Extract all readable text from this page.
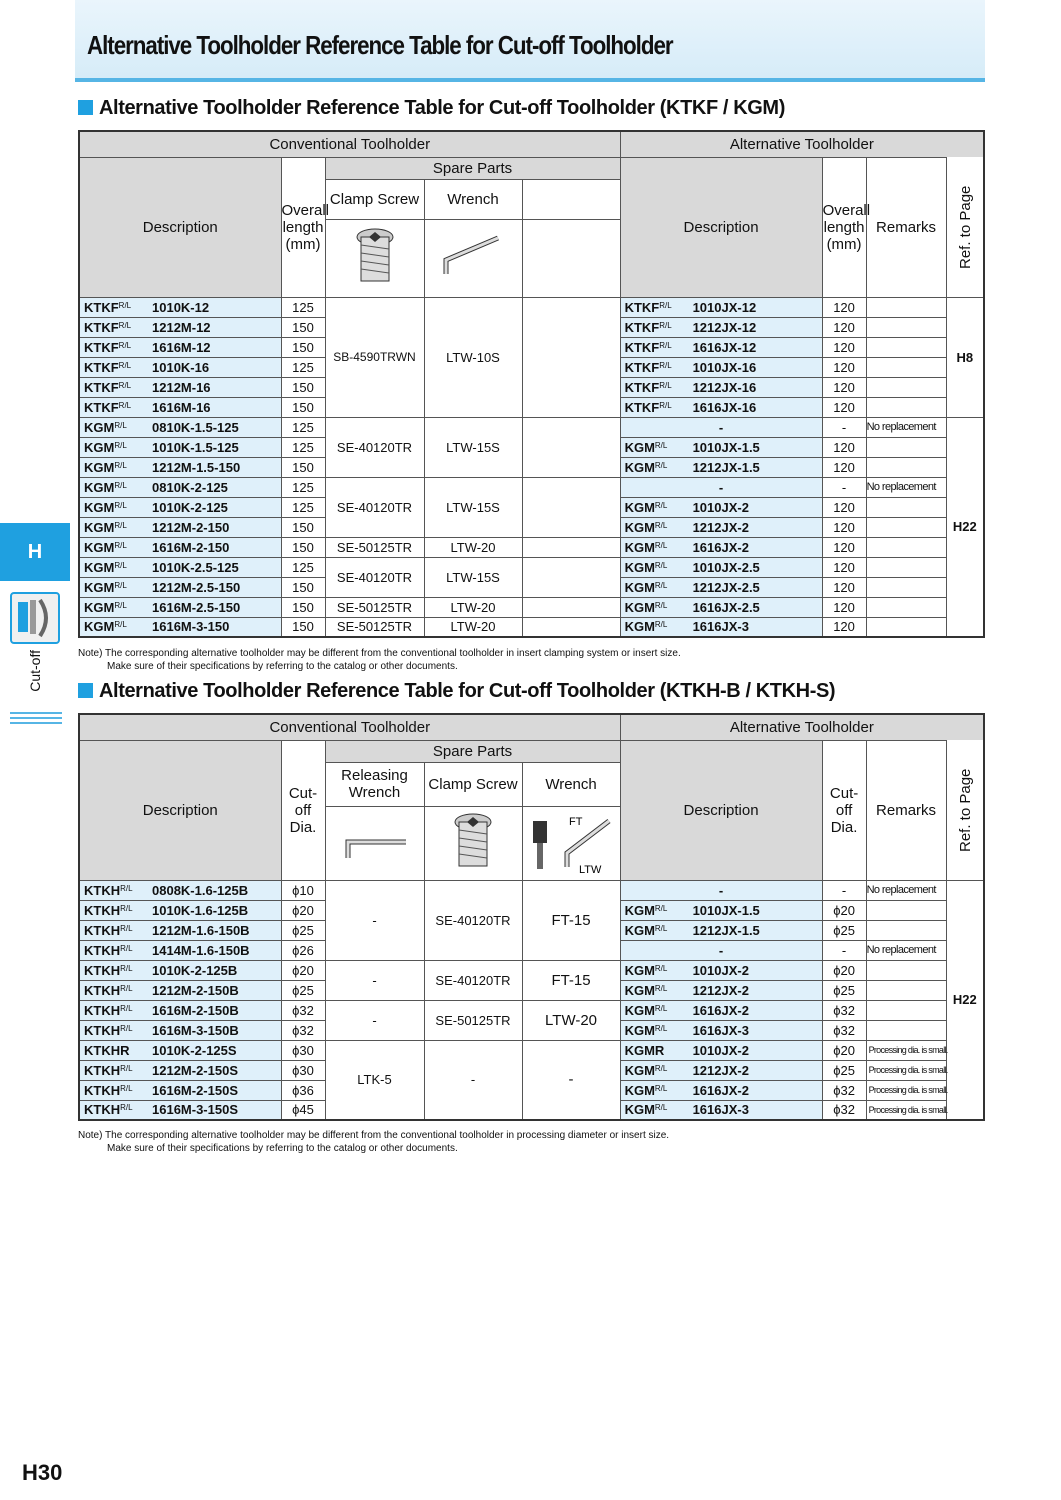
Alternative Toolholder Reference Table for Cut-off Toolholder
H
Cut-off
Alternative Toolholder Reference Table for Cut-off Toolholder (KTKF / KGM)
Conventional Toolholder					Alternative Toolholder			
Description	Overall length (mm)	Spare Parts			Description	Overall length (mm)	Remarks	Ref. to Page
		Clamp Screw	Wrench					

$KTKF^{R/L}$ 1010K-12	125	SB-4590TRWN	LTW-10S		$KTKF^{R/L}$ 1010JX-12	120		H8
$KTKF^{R/L}$ 1212M-12	150				$KTKF^{R/L}$ 1212JX-12	120		
$KTKF^{R/L}$ 1616M-12	150				$KTKF^{R/L}$ 1616JX-12	120		
$KTKF^{R/L}$ 1010K-16	125				$KTKF^{R/L}$ 1010JX-16	120		
$KTKF^{R/L}$ 1212M-16	150				$KTKF^{R/L}$ 1212JX-16	120		
$KTKF^{R/L}$ 1616M-16	150				$KTKF^{R/L}$ 1616JX-16	120		
$KGM^{R/L}$ 0810K-1.5-125	125	SE-40120TR	LTW-15S		-	-	No replacement	H22
$KGM^{R/L}$ 1010K-1.5-125	125				$KGM^{R/L}$ 1010JX-1.5	120		
$KGM^{R/L}$ 1212M-1.5-150	150				$KGM^{R/L}$ 1212JX-1.5	120		
$KGM^{R/L}$ 0810K-2-125	125	SE-40120TR	LTW-15S		-	-	No replacement	
$KGM^{R/L}$ 1010K-2-125	125				$KGM^{R/L}$ 1010JX-2	120		
$KGM^{R/L}$ 1212M-2-150	150				$KGM^{R/L}$ 1212JX-2	120		
$KGM^{R/L}$ 1616M-2-150	150	SE-50125TR	LTW-20		$KGM^{R/L}$ 1616JX-2	120		
$KGM^{R/L}$ 1010K-2.5-125	125	SE-40120TR	LTW-15S		$KGM^{R/L}$ 1010JX-2.5	120		
$KGM^{R/L}$ 1212M-2.5-150	150				$KGM^{R/L}$ 1212JX-2.5	120		
$KGM^{R/L}$ 1616M-2.5-150	150	SE-50125TR	LTW-20		$KGM^{R/L}$ 1616JX-2.5	120		
$KGM^{R/L}$ 1616M-3-150	150	SE-50125TR	LTW-20		$KGM^{R/L}$ 1616JX-3	120		
Note) The corresponding alternative toolholder may be different from the conventional toolholder in insert clamping system or insert size.
Make sure of their specifications by referring to the catalog or other documents.
Alternative Toolholder Reference Table for Cut-off Toolholder (KTKH-B / KTKH-S)
Conventional Toolholder					Alternative Toolholder			
Description	Cut-off Dia.	Spare Parts			Description	Cut-off Dia.	Remarks	Ref. to Page
		Releasing Wrench	Clamp Screw	Wrench				

FT
LTW				

$KTKH^{R/L}$ 0808K-1.6-125B	ϕ10	-	SE-40120TR	FT-15	-	-	No replacement	H22
$KTKH^{R/L}$ 1010K-1.6-125B	ϕ20				$KGM^{R/L}$ 1010JX-1.5	ϕ20		
$KTKH^{R/L}$ 1212M-1.6-150B	ϕ25				$KGM^{R/L}$ 1212JX-1.5	ϕ25		
$KTKH^{R/L}$ 1414M-1.6-150B	ϕ26				-	-	No replacement	
$KTKH^{R/L}$ 1010K-2-125B	ϕ20	-	SE-40120TR	FT-15	$KGM^{R/L}$ 1010JX-2	ϕ20		
$KTKH^{R/L}$ 1212M-2-150B	ϕ25				$KGM^{R/L}$ 1212JX-2	ϕ25		
$KTKH^{R/L}$ 1616M-2-150B	ϕ32	-	SE-50125TR	LTW-20	$KGM^{R/L}$ 1616JX-2	ϕ32		
$KTKH^{R/L}$ 1616M-3-150B	ϕ32				$KGM^{R/L}$ 1616JX-3	ϕ32		
KTKHR 1010K-2-125S	ϕ30	LTK-5	-	-	KGMR 1010JX-2	ϕ20	Processing dia. is small.	
$KTKH^{R/L}$ 1212M-2-150S	ϕ30				$KGM^{R/L}$ 1212JX-2	ϕ25	Processing dia. is small.	
$KTKH^{R/L}$ 1616M-2-150S	ϕ36				$KGM^{R/L}$ 1616JX-2	ϕ32	Processing dia. is small.	
$KTKH^{R/L}$ 1616M-3-150S	ϕ45				$KGM^{R/L}$ 1616JX-3	ϕ32	Processing dia. is small.	
Note) The corresponding alternative toolholder may be different from the conventional toolholder in processing diameter or insert size.
Make sure of their specifications by referring to the catalog or other documents.
H30
